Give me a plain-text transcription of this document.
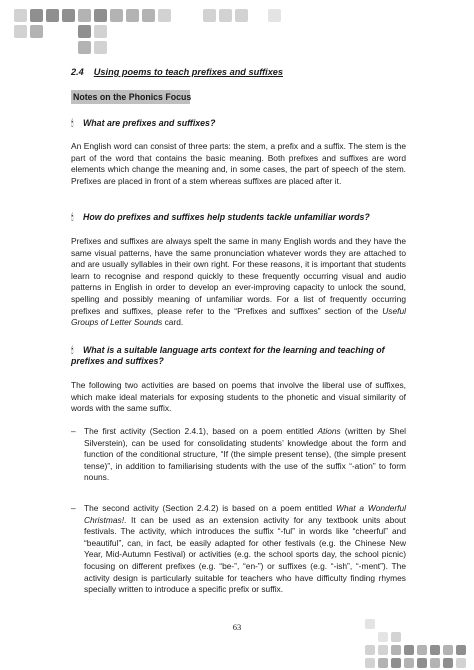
2.4 Using poems to teach prefixes and suffixes

Notes on the Phonics Focus

🕯 What are prefixes and suffixes?

An English word can consist of three parts: the stem, a prefix and a suffix. The stem is the part of the word that contains the basic meaning. Both prefixes and suffixes are word elements which change the meaning and, in some cases, the part of speech of the stem. Prefixes are placed in front of a stem whereas suffixes are placed after it.

🕯 How do prefixes and suffixes help students tackle unfamiliar words?

Prefixes and suffixes are always spelt the same in many English words and they have the same visual patterns, have the same pronunciation whatever words they are attached to and are usually syllables in their own right. For these reasons, it is important that students learn to recognise and respond quickly to these frequently occurring visual and audio patterns in English in order to develop an ever-improving capacity to unlock the sound, spelling and possibly meaning of unfamiliar words. For a list of frequently occurring prefixes and suffixes, please refer to the “Prefixes and suffixes” section of the Useful Groups of Letter Sounds card.

🕯 What is a suitable language arts context for the learning and teaching of prefixes and suffixes?

The following two activities are based on poems that involve the liberal use of suffixes, which make ideal materials for exposing students to the phonetic and visual similarity of words with the same suffix.

– The first activity (Section 2.4.1), based on a poem entitled Ations (written by Shel Silverstein), can be used for consolidating students’ knowledge about the form and function of the conditional structure, “If (the simple present tense), (the simple present tense)”, in addition to familiarising students with the use of the suffix “-ation” to form nouns.
– The second activity (Section 2.4.2) is based on a poem entitled What a Wonderful Christmas!. It can be used as an extension activity for any textbook units about festivals. The activity, which introduces the suffix “-ful” in words like “cheerful” and “beautiful”, can, in fact, be easily adapted for other festivals (e.g. the Chinese New Year, Mid-Autumn Festival) or activities (e.g. the school sports day, the school picnic) focusing on different prefixes (e.g. “be-”, “en-”) or suffixes (e.g. “-ish”, “-ment”). The activity design is particularly suitable for teachers who have difficulty finding rhymes specially written to introduce a specific prefix or suffix.
63
